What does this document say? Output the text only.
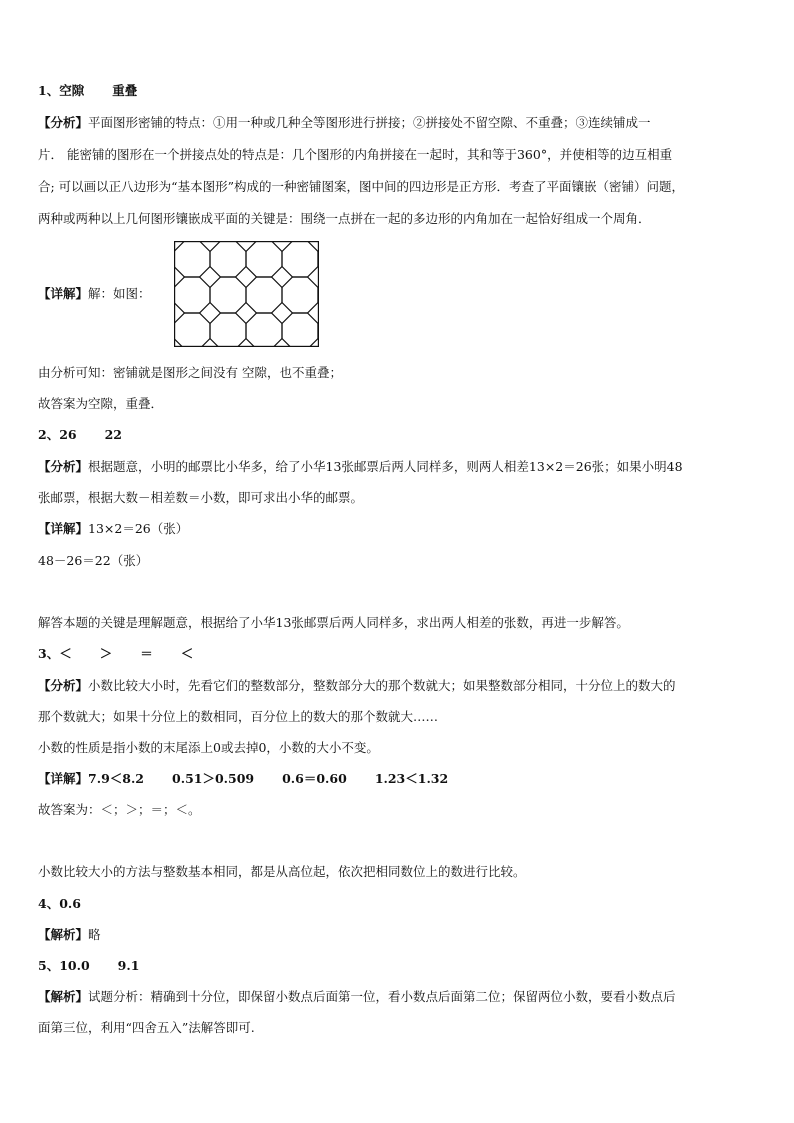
1、空隙 重叠
【分析】平面图形密铺的特点：①用一种或几种全等图形进行拼接；②拼接处不留空隙、不重叠；③连续铺成一
片． 能密铺的图形在一个拼接点处的特点是：几个图形的内角拼接在一起时，其和等于360°，并使相等的边互相重
合; 可以画以正八边形为“基本图形”构成的一种密铺图案，图中间的四边形是正方形．考查了平面镶嵌（密铺）问题，
两种或两种以上几何图形镶嵌成平面的关键是：围绕一点拼在一起的多边形的内角加在一起恰好组成一个周角．
【详解】解：如图：
由分析可知：密铺就是图形之间没有 空隙，也不重叠；
故答案为空隙，重叠．
2、26 22
【分析】根据题意，小明的邮票比小华多，给了小华13张邮票后两人同样多，则两人相差13×2＝26张；如果小明48
张邮票，根据大数－相差数＝小数，即可求出小华的邮票。
【详解】13×2＝26（张）
48－26＝22（张）
解答本题的关键是理解题意，根据给了小华13张邮票后两人同样多，求出两人相差的张数，再进一步解答。
3、＜ ＞ ＝ ＜
【分析】小数比较大小时，先看它们的整数部分，整数部分大的那个数就大；如果整数部分相同，十分位上的数大的
那个数就大；如果十分位上的数相同，百分位上的数大的那个数就大……
小数的性质是指小数的末尾添上0或去掉0，小数的大小不变。
【详解】7.9＜8.2 0.51＞0.509 0.6＝0.60 1.23＜1.32
故答案为：＜；＞；＝；＜。
小数比较大小的方法与整数基本相同，都是从高位起，依次把相同数位上的数进行比较。
4、0.6
【解析】略
5、10.0 9.1
【解析】试题分析：精确到十分位，即保留小数点后面第一位，看小数点后面第二位；保留两位小数，要看小数点后
面第三位，利用“四舍五入”法解答即可.
